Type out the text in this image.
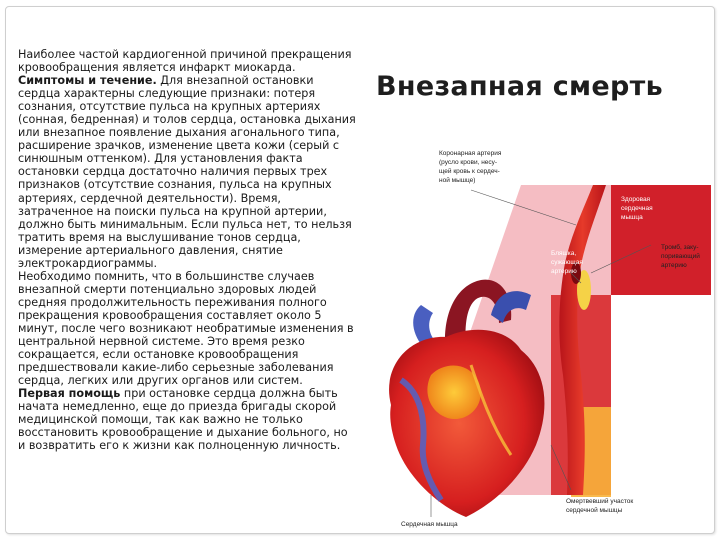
Наиболее частой кардиогенной причиной прекращения кровообращения является инфаркт миокарда.

Симптомы и течение. Для внезапной остановки сердца характерны следующие признаки: потеря сознания, отсутствие пульса на крупных артериях (сонная, бедренная) и толов сердца, остановка дыхания или внезапное появление дыхания агонального типа, расширение зрачков, изменение цвета кожи (серый с синюшным оттенком). Для установления факта остановки сердца достаточно наличия первых трех признаков (отсутствие сознания, пульса на крупных артериях, сердечной деятельности). Время, затраченное на поиски пульса на крупной артерии, должно быть минимальным. Если пульса нет, то нельзя тратить время на выслушивание тонов сердца, измерение артериального давления, снятие электрокардиограммы.

Необходимо помнить, что в большинстве случаев внезапной смерти потенциально здоровых людей средняя продолжительность переживания полного прекращения кровообращения составляет около 5 минут, после чего возникают необратимые изменения в центральной нервной системе. Это время резко сокращается, если остановке кровообращения предшествовали какие-либо серьезные заболевания сердца, легких или других органов или систем.

Первая помощь при остановке сердца должна быть начата немедленно, еще до приезда бригады скорой медицинской помощи, так как важно не только восстановить кровообращение и дыхание больного, но и возвратить его к жизни как полноценную личность.

Внезапная смерть
Коронарная артерия (русло крови, несу- щей кровь к сердеч- ной мышце)
Здоровая сердечная мышца
Бляшка, сужающая артерию
Тромб, заку- поривающий артерию
Омертвевший участок сердечной мышцы
Сердечная мышца
